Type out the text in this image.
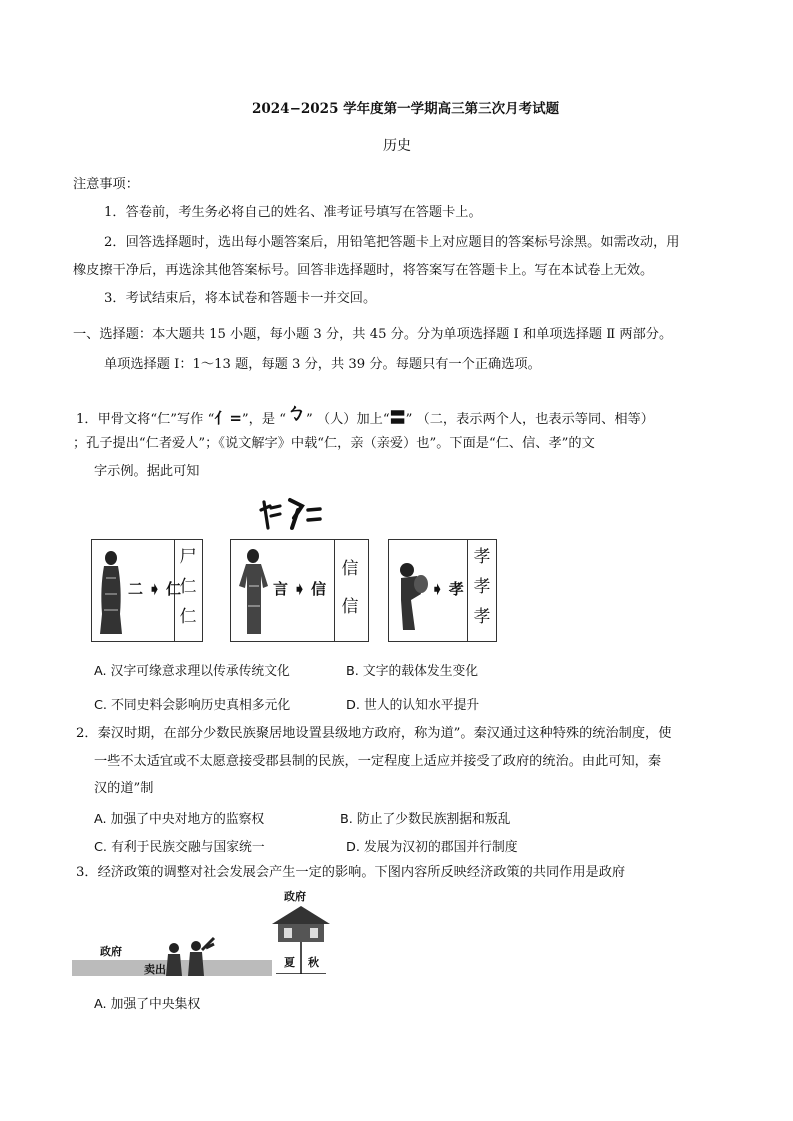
2024−2025 学年度第一学期高三第三次月考试题
历史
注意事项：
1．答卷前，考生务必将自己的姓名、准考证号填写在答题卡上。
2．回答选择题时，选出每小题答案后，用铅笔把答题卡上对应题目的答案标号涂黑。如需改动，用
橡皮擦干净后，再选涂其他答案标号。回答非选择题时，将答案写在答题卡上。写在本试卷上无效。
3．考试结束后，将本试卷和答题卡一并交回。
一、选择题：本大题共 15 小题，每小题 3 分，共 45 分。分为单项选择题 I 和单项选择题 Ⅱ 两部分。
单项选择题 I：1～13 题，每题 3 分，共 39 分。每题只有一个正确选项。
1．甲骨文将“仁”写作 “⺅=”，是 “ㄅ” （人）加上“〓” （二，表示两个人，也表示等同、相等）
；孔子提出“仁者爱人”；《说文解字》中载“仁，亲（亲爱）也”。下面是“仁、信、孝”的文
字示例。据此可知
二 ➧ 仁
尸
仁
仁
言 ➧ 信
信
信
➧ 孝
孝
孝
孝
A. 汉字可缘意求理以传承传统文化	B. 文字的载体发生变化
C. 不同史料会影响历史真相多元化	D. 世人的认知水平提升
2．秦汉时期，在部分少数民族聚居地设置县级地方政府，称为道”。秦汉通过这种特殊的统治制度，使
一些不太适宜或不太愿意接受郡县制的民族，一定程度上适应并接受了政府的统治。由此可知，秦
汉的道”制
A. 加强了中央对地方的监察权	B. 防止了少数民族割据和叛乱
C. 有利于民族交融与国家统一	D. 发展为汉初的郡国并行制度
3．经济政策的调整对社会发展会产生一定的影响。下图内容所反映经济政策的共同作用是政府
政府
卖出
政府
夏 秋
A. 加强了中央集权
